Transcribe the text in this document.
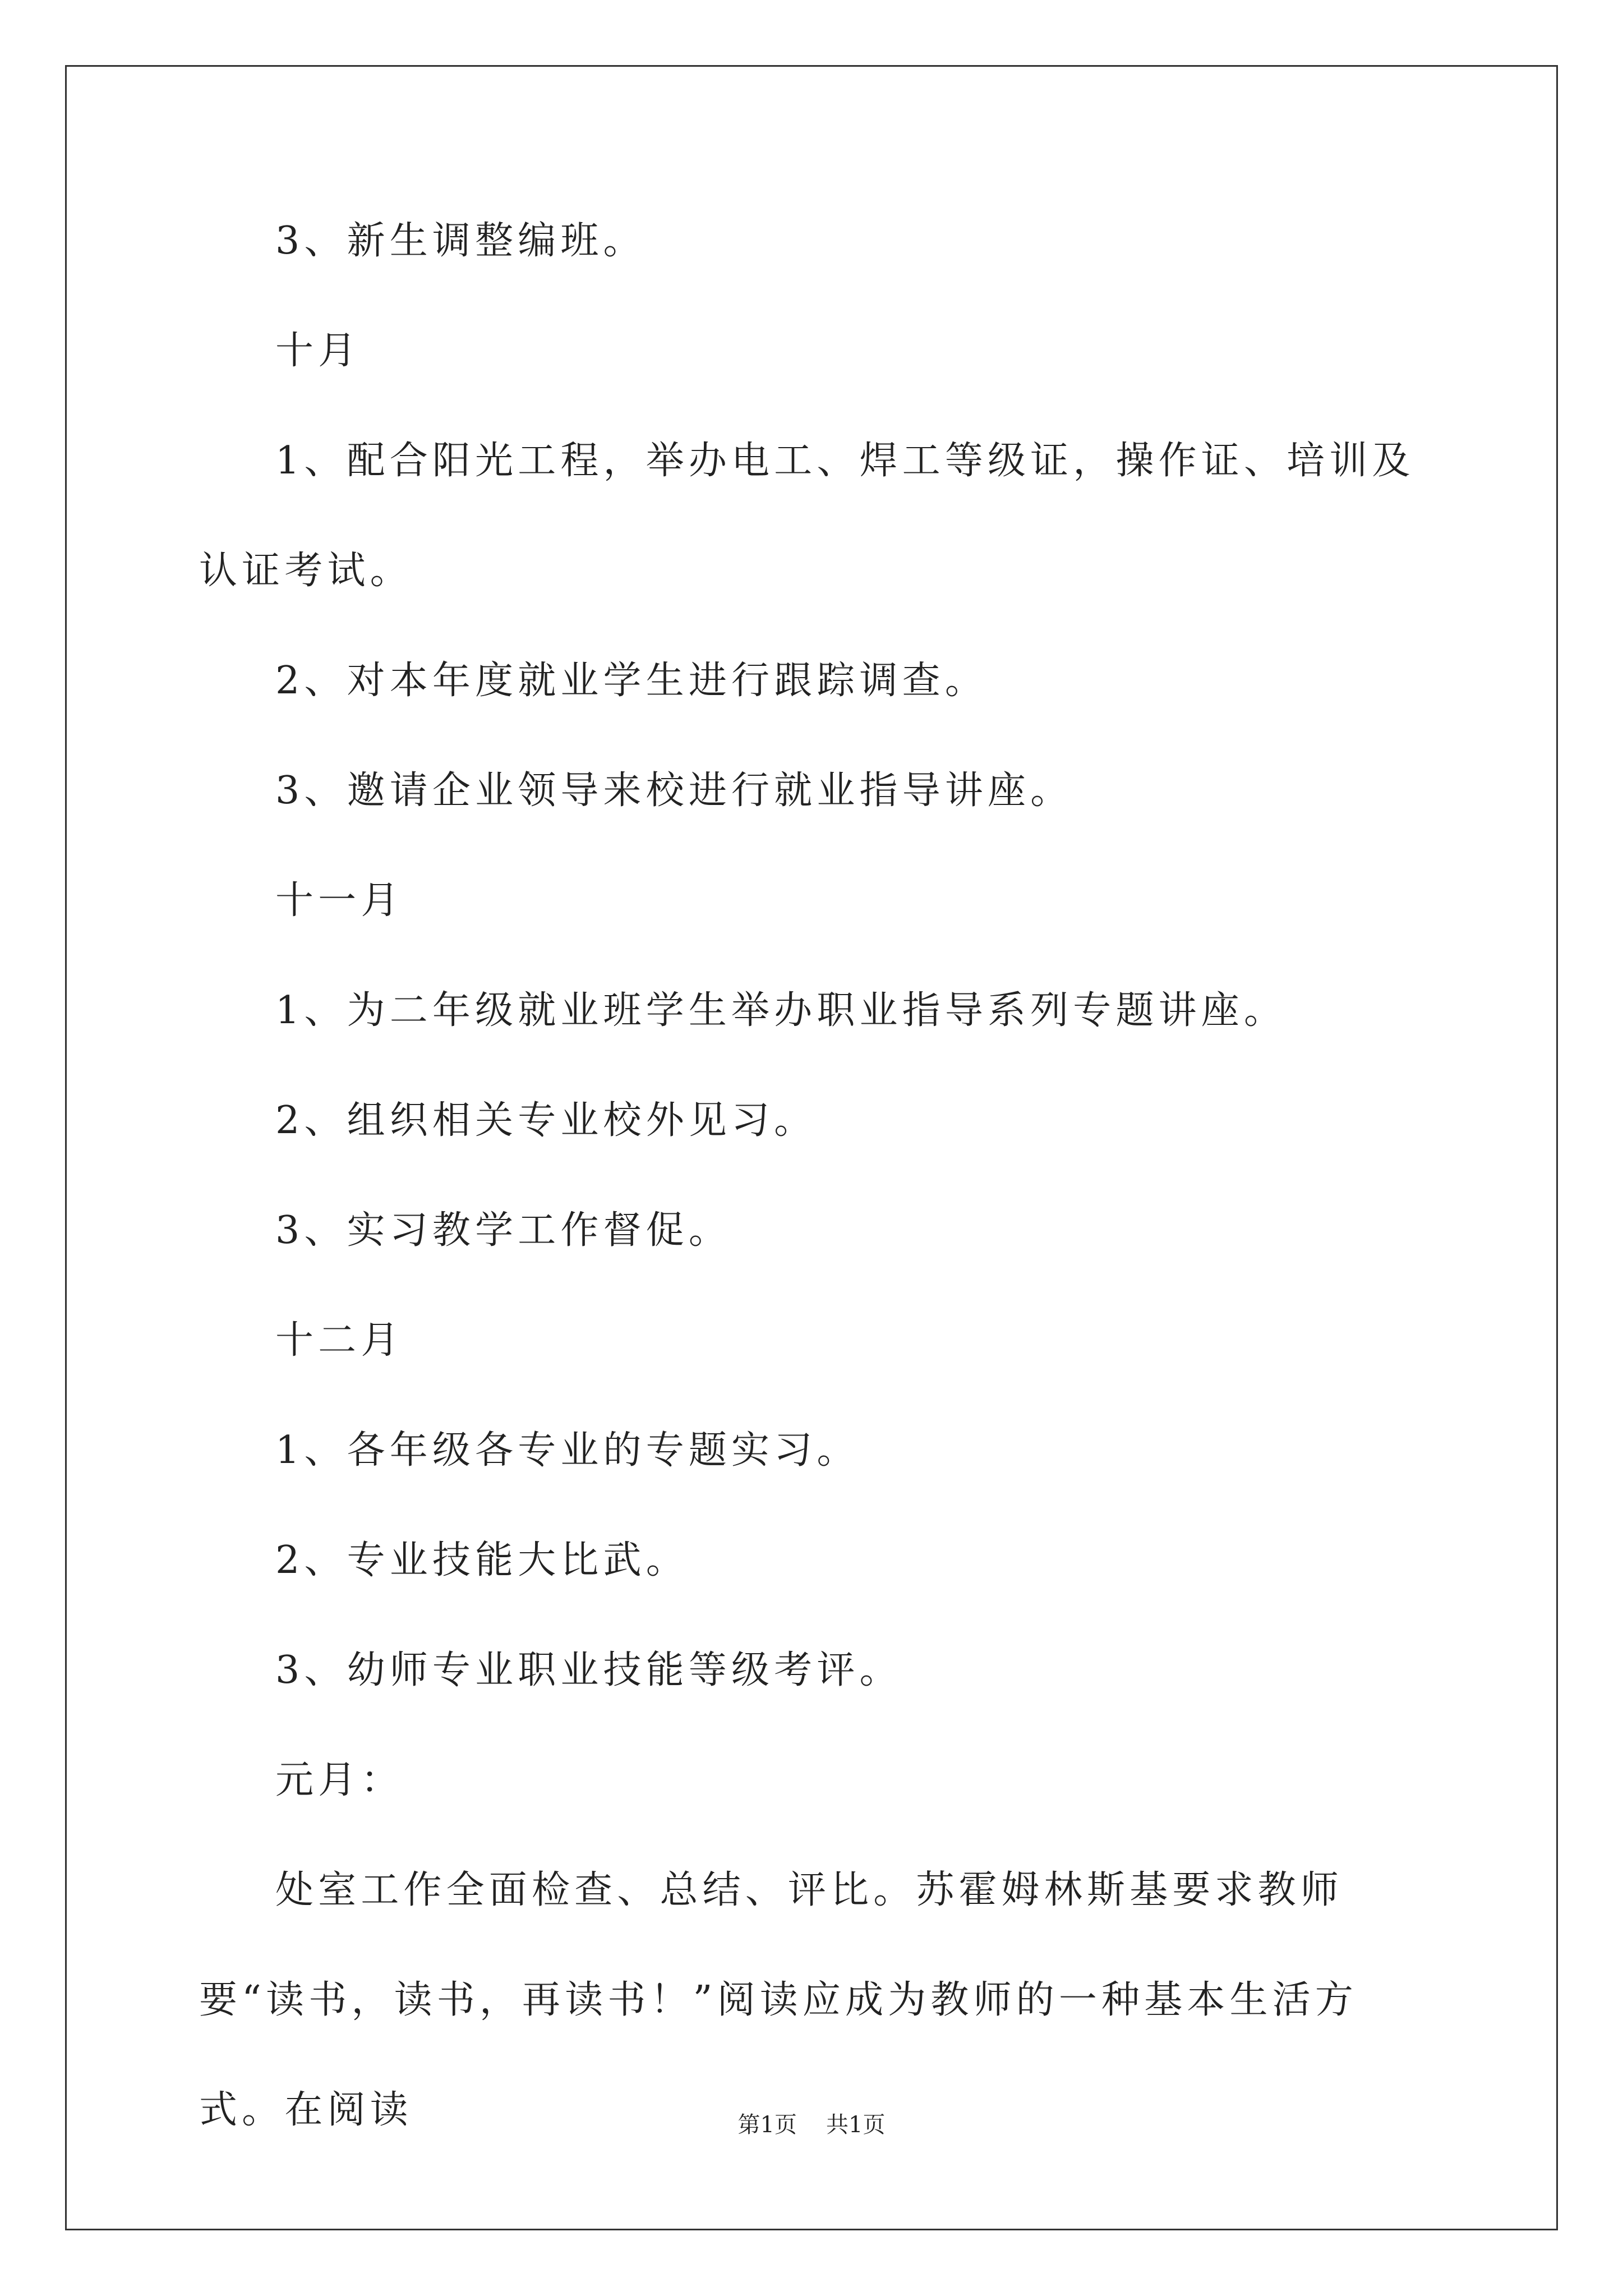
3、新生调整编班。

十月

1、配合阳光工程，举办电工、焊工等级证，操作证、培训及认证考试。

2、对本年度就业学生进行跟踪调查。

3、邀请企业领导来校进行就业指导讲座。

十一月

1、为二年级就业班学生举办职业指导系列专题讲座。

2、组织相关专业校外见习。

3、实习教学工作督促。

十二月

1、各年级各专业的专题实习。

2、专业技能大比武。

3、幼师专业职业技能等级考评。

元月：

处室工作全面检查、总结、评比。苏霍姆林斯基要求教师要“读书，读书，再读书！”阅读应成为教师的一种基本生活方式。在阅读	第1页 共1页
